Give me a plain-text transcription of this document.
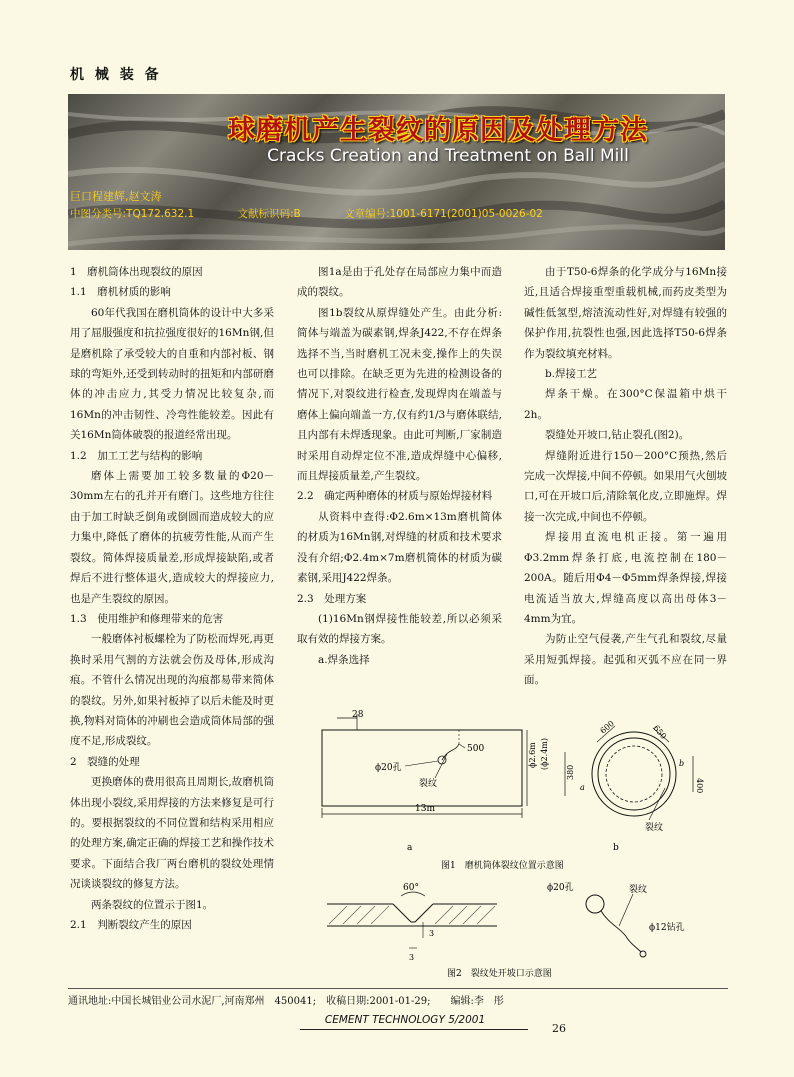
机 械 装 备
球磨机产生裂纹的原因及处理方法
Cracks Creation and Treatment on Ball Mill
巨口程建辉,赵文涛
中图分类号:TQ172.632.1	文献标识码:B	文章编号:1001-6171(2001)05-0026-02

1　磨机筒体出现裂纹的原因

1.1　磨机材质的影响

60年代我国在磨机筒体的设计中大多采用了屈服强度和抗拉强度很好的16Mn钢,但是磨机除了承受较大的自重和内部衬板、钢球的弯矩外,还受到转动时的扭矩和内部研磨体的冲击应力,其受力情况比较复杂,而16Mn的冲击韧性、冷弯性能较差。因此有关16Mn筒体破裂的报道经常出现。

1.2　加工工艺与结构的影响

磨体上需要加工较多数量的Φ20－30mm左右的孔并开有磨门。这些地方往往由于加工时缺乏倒角或倒圆而造成较大的应力集中,降低了磨体的抗疲劳性能,从而产生裂纹。简体焊接质量差,形成焊接缺陷,或者焊后不进行整体退火,造成较大的焊接应力,也是产生裂纹的原因。

1.3　使用维护和修理带来的危害

一般磨体衬板螺栓为了防松而焊死,再更换时采用气割的方法就会伤及母体,形成沟痕。不管什么情况出现的沟痕都易带来简体的裂纹。另外,如果衬板掉了以后未能及时更换,物料对筒体的冲刷也会造成筒体局部的强度不足,形成裂纹。

2　裂缝的处理

更换磨体的费用很高且周期长,故磨机筒体出现小裂纹,采用焊接的方法来修复是可行的。要根据裂纹的不同位置和结构采用相应的处理方案,确定正确的焊接工艺和操作技术要求。下面结合我厂两台磨机的裂纹处理情况谈谈裂纹的修复方法。

两条裂纹的位置示于图1。

2.1　判断裂纹产生的原因

图1a是由于孔处存在局部应力集中而造成的裂纹。

图1b裂纹从原焊缝处产生。由此分析:简体与端盖为碳素钢,焊条J422,不存在焊条选择不当,当时磨机工况未变,操作上的失误也可以排除。在缺乏更为先进的检测设备的情况下,对裂纹进行检查,发现焊肉在端盖与磨体上偏向端盖一方,仅有约1/3与磨体联结,且内部有未焊透现象。由此可判断,厂家制造时采用自动焊定位不准,造成焊缝中心偏移,而且焊接质量差,产生裂纹。

2.2　确定两种磨体的材质与原始焊接材料

从资料中查得:Φ2.6m×13m磨机简体的材质为16Mn钢,对焊缝的材质和技术要求没有介绍;Φ2.4m×7m磨机简体的材质为碳素钢,采用J422焊条。

2.3　处理方案

(1)16Mn钢焊接性能较差,所以必须采取有效的焊接方案。

a.焊条选择

由于T50-6焊条的化学成分与16Mn接近,且适合焊接重型重载机械,而药皮类型为碱性低氢型,熔渣流动性好,对焊缝有较强的保护作用,抗裂性也强,因此选择T50-6焊条作为裂纹填充材料。

b.焊接工艺

焊条干燥。在300°C保温箱中烘干2h。

裂缝处开坡口,钻止裂孔(图2)。

焊缝附近进行150－200°C预热,然后完成一次焊接,中间不停顿。如果用气火刨坡口,可在开坡口后,清除氧化皮,立即施焊。焊接一次完成,中间也不停顿。

焊接用直流电机正接。第一遍用Φ3.2mm焊条打底,电流控制在180－200A。随后用Φ4－Φ5mm焊条焊接,焊接电流适当放大,焊缝高度以高出母体3－4mm为宜。

为防止空气侵袭,产生气孔和裂纹,尽量采用短弧焊接。起弧和灭弧不应在同一界面。

28
500
ϕ20孔
裂纹
13m
ϕ2.6m (ϕ2.4m)
a
380
a
600	650
400
b
裂纹
b
图1　磨机筒体裂纹位置示意图
60°
3
3
ϕ20孔	裂纹
ϕ12钻孔
图2　裂纹处开坡口示意图
通讯地址:中国长城铝业公司水泥厂,河南郑州　450041;　收稿日期:2001-01-29;　　编辑:李　彤
CEMENT TECHNOLOGY 5/2001
26
